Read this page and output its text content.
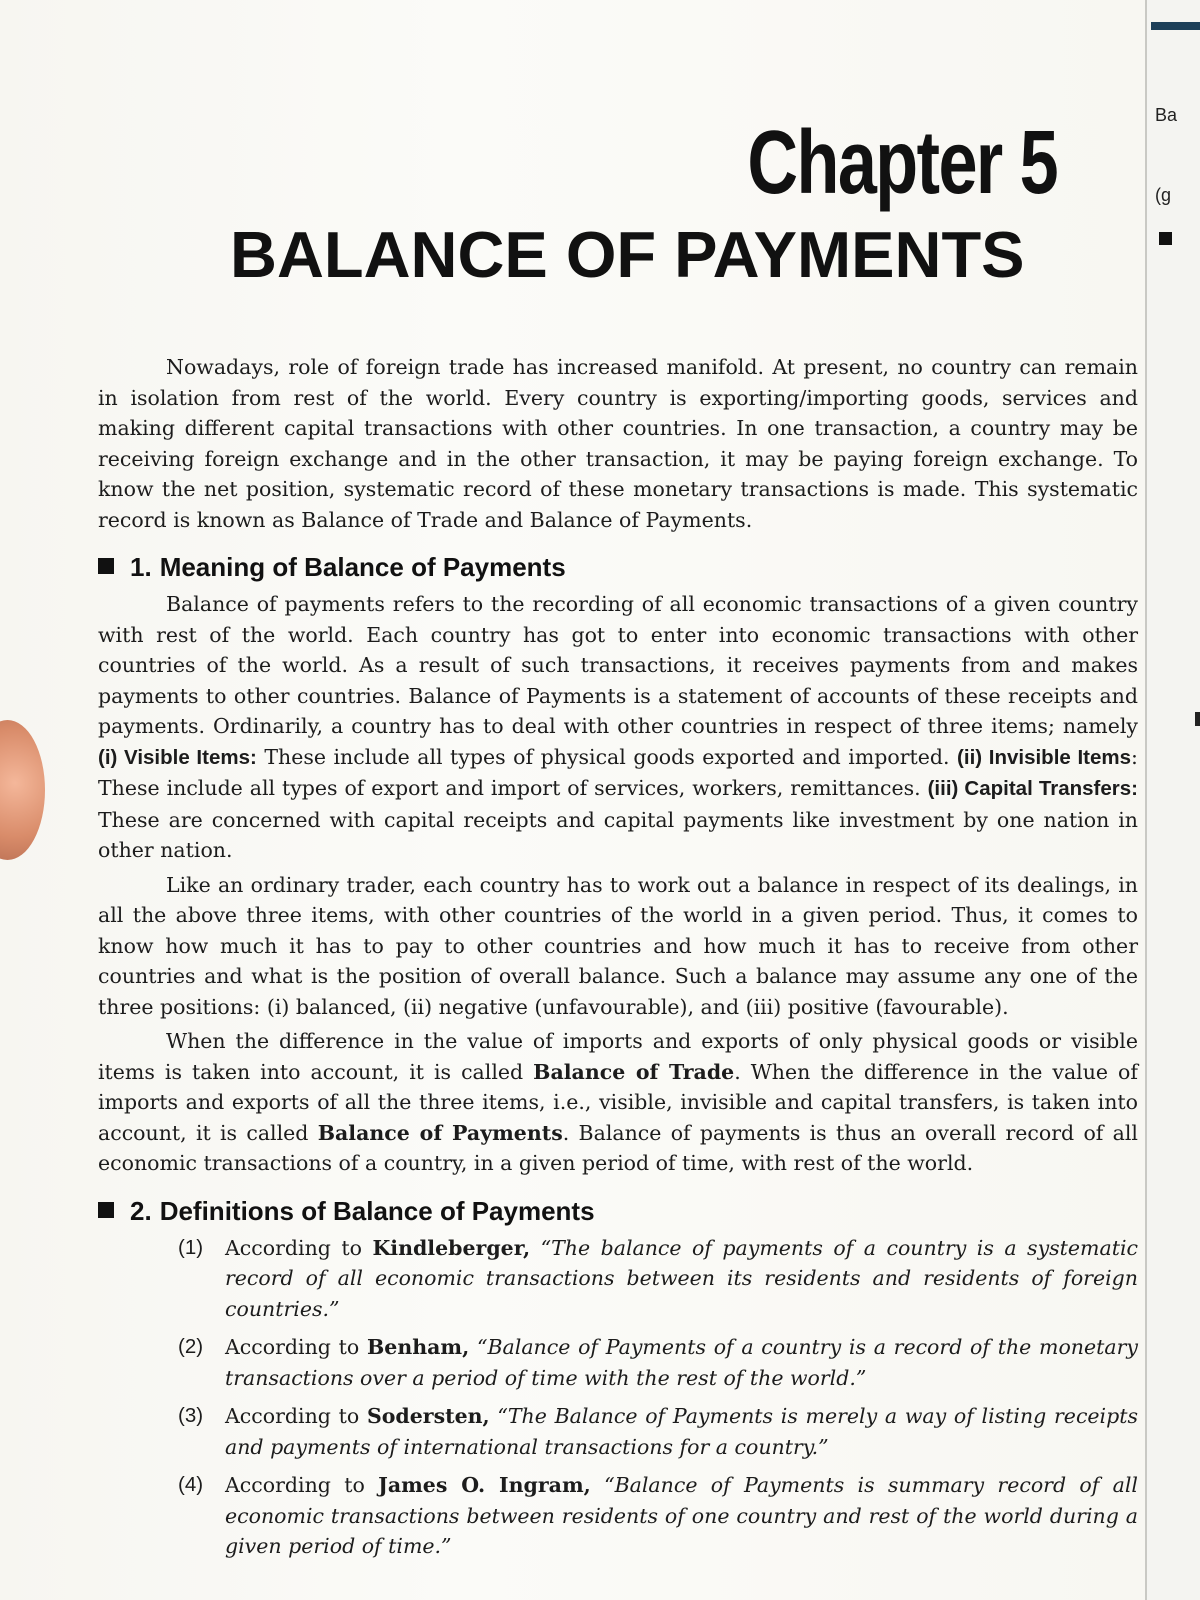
Chapter 5
BALANCE OF PAYMENTS

Nowadays, role of foreign trade has increased manifold. At present, no country can remain in isolation from rest of the world. Every country is exporting/importing goods, services and making different capital transactions with other countries. In one transaction, a country may be receiving foreign exchange and in the other transaction, it may be paying foreign exchange. To know the net position, systematic record of these monetary transactions is made. This systematic record is known as Balance of Trade and Balance of Payments.

1. Meaning of Balance of Payments

Balance of payments refers to the recording of all economic transactions of a given country with rest of the world. Each country has got to enter into economic transactions with other countries of the world. As a result of such transactions, it receives payments from and makes payments to other countries. Balance of Payments is a statement of accounts of these receipts and payments. Ordinarily, a country has to deal with other countries in respect of three items; namely (i) Visible Items: These include all types of physical goods exported and imported. (ii) Invisible Items: These include all types of export and import of services, workers, remittances. (iii) Capital Transfers: These are concerned with capital receipts and capital payments like investment by one nation in other nation.

Like an ordinary trader, each country has to work out a balance in respect of its dealings, in all the above three items, with other countries of the world in a given period. Thus, it comes to know how much it has to pay to other countries and how much it has to receive from other countries and what is the position of overall balance. Such a balance may assume any one of the three positions: (i) balanced, (ii) negative (unfavourable), and (iii) positive (favourable).

When the difference in the value of imports and exports of only physical goods or visible items is taken into account, it is called Balance of Trade. When the difference in the value of imports and exports of all the three items, i.e., visible, invisible and capital transfers, is taken into account, it is called Balance of Payments. Balance of payments is thus an overall record of all economic transactions of a country, in a given period of time, with rest of the world.

2. Definitions of Balance of Payments
(1) According to Kindleberger, “The balance of payments of a country is a systematic record of all economic transactions between its residents and residents of foreign countries.”
(2) According to Benham, “Balance of Payments of a country is a record of the monetary transactions over a period of time with the rest of the world.”
(3) According to Sodersten, “The Balance of Payments is merely a way of listing receipts and payments of international transactions for a country.”
(4) According to James O. Ingram, “Balance of Payments is summary record of all economic transactions between residents of one country and rest of the world during a given period of time.”
Ba
(g
